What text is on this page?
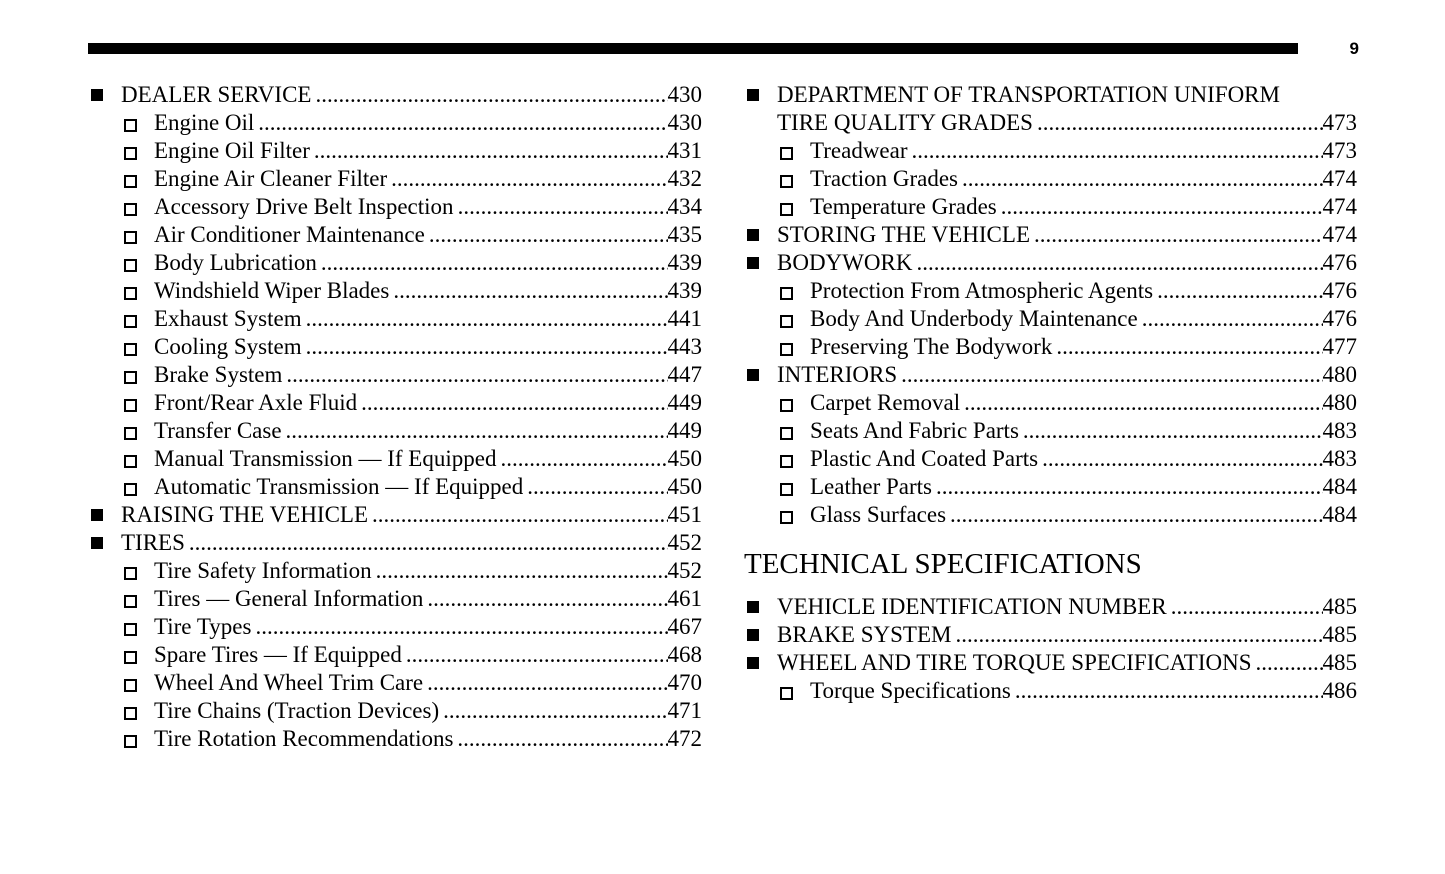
9
DEALER SERVICE .....	430
Engine Oil .....	430
Engine Oil Filter .....	431
Engine Air Cleaner Filter .....	432
Accessory Drive Belt Inspection .....	434
Air Conditioner Maintenance .....	435
Body Lubrication .....	439
Windshield Wiper Blades .....	439
Exhaust System .....	441
Cooling System .....	443
Brake System .....	447
Front/Rear Axle Fluid .....	449
Transfer Case .....	449
Manual Transmission — If Equipped .....	450
Automatic Transmission — If Equipped .....	450
RAISING THE VEHICLE .....	451
TIRES .....	452
Tire Safety Information .....	452
Tires — General Information .....	461
Tire Types .....	467
Spare Tires — If Equipped .....	468
Wheel And Wheel Trim Care .....	470
Tire Chains (Traction Devices) .....	471
Tire Rotation Recommendations .....	472
DEPARTMENT OF TRANSPORTATION UNIFORM
TIRE QUALITY GRADES .....	473
Treadwear .....	473
Traction Grades .....	474
Temperature Grades .....	474
STORING THE VEHICLE .....	474
BODYWORK .....	476
Protection From Atmospheric Agents .....	476
Body And Underbody Maintenance .....	476
Preserving The Bodywork .....	477
INTERIORS .....	480
Carpet Removal .....	480
Seats And Fabric Parts .....	483
Plastic And Coated Parts .....	483
Leather Parts .....	484
Glass Surfaces .....	484
TECHNICAL SPECIFICATIONS
VEHICLE IDENTIFICATION NUMBER .....	485
BRAKE SYSTEM .....	485
WHEEL AND TIRE TORQUE SPECIFICATIONS .....	485
Torque Specifications .....	486
